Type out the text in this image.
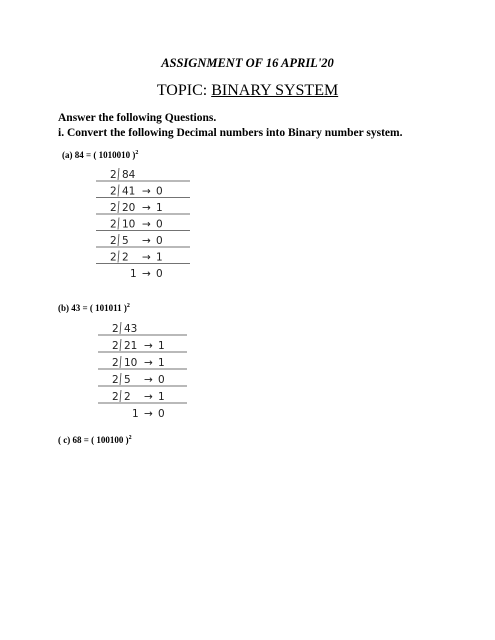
ASSIGNMENT OF 16 APRIL'20
TOPIC: BINARY SYSTEM
Answer the following Questions.
i. Convert the following Decimal numbers into Binary number system.
(a) 84 = ( 1010010 )$^2$
2 84
2 41 → 0
2 20 → 1
2 10 → 0
2 5 → 0
2 2 → 1
1 → 0
(b) 43 = ( 101011 )$^2$
2 43
2 21 → 1
2 10 → 1
2 5 → 0
2 2 → 1
1 → 0
( c) 68 = ( 100100 )$^2$
